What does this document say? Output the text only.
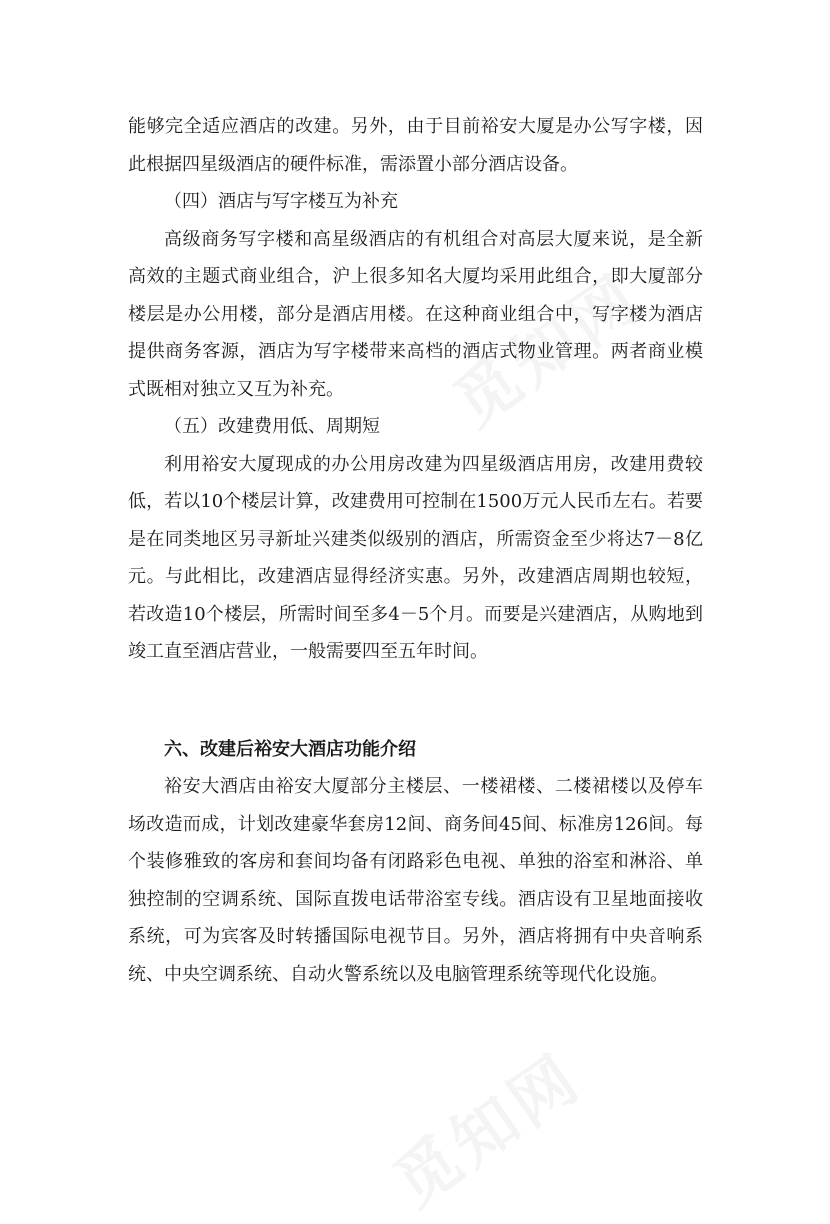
能够完全适应酒店的改建。另外，由于目前裕安大厦是办公写字楼，因此根据四星级酒店的硬件标准，需添置小部分酒店设备。

（四）酒店与写字楼互为补充

高级商务写字楼和高星级酒店的有机组合对高层大厦来说，是全新高效的主题式商业组合，沪上很多知名大厦均采用此组合，即大厦部分楼层是办公用楼，部分是酒店用楼。在这种商业组合中，写字楼为酒店提供商务客源，酒店为写字楼带来高档的酒店式物业管理。两者商业模式既相对独立又互为补充。

（五）改建费用低、周期短

利用裕安大厦现成的办公用房改建为四星级酒店用房，改建用费较低，若以10个楼层计算，改建费用可控制在1500万元人民币左右。若要是在同类地区另寻新址兴建类似级别的酒店，所需资金至少将达7－8亿元。与此相比，改建酒店显得经济实惠。另外，改建酒店周期也较短，若改造10个楼层，所需时间至多4－5个月。而要是兴建酒店，从购地到竣工直至酒店营业，一般需要四至五年时间。

六、改建后裕安大酒店功能介绍

裕安大酒店由裕安大厦部分主楼层、一楼裙楼、二楼裙楼以及停车场改造而成，计划改建豪华套房12间、商务间45间、标准房126间。每个装修雅致的客房和套间均备有闭路彩色电视、单独的浴室和淋浴、单独控制的空调系统、国际直拨电话带浴室专线。酒店设有卫星地面接收系统，可为宾客及时转播国际电视节目。另外，酒店将拥有中央音响系统、中央空调系统、自动火警系统以及电脑管理系统等现代化设施。
